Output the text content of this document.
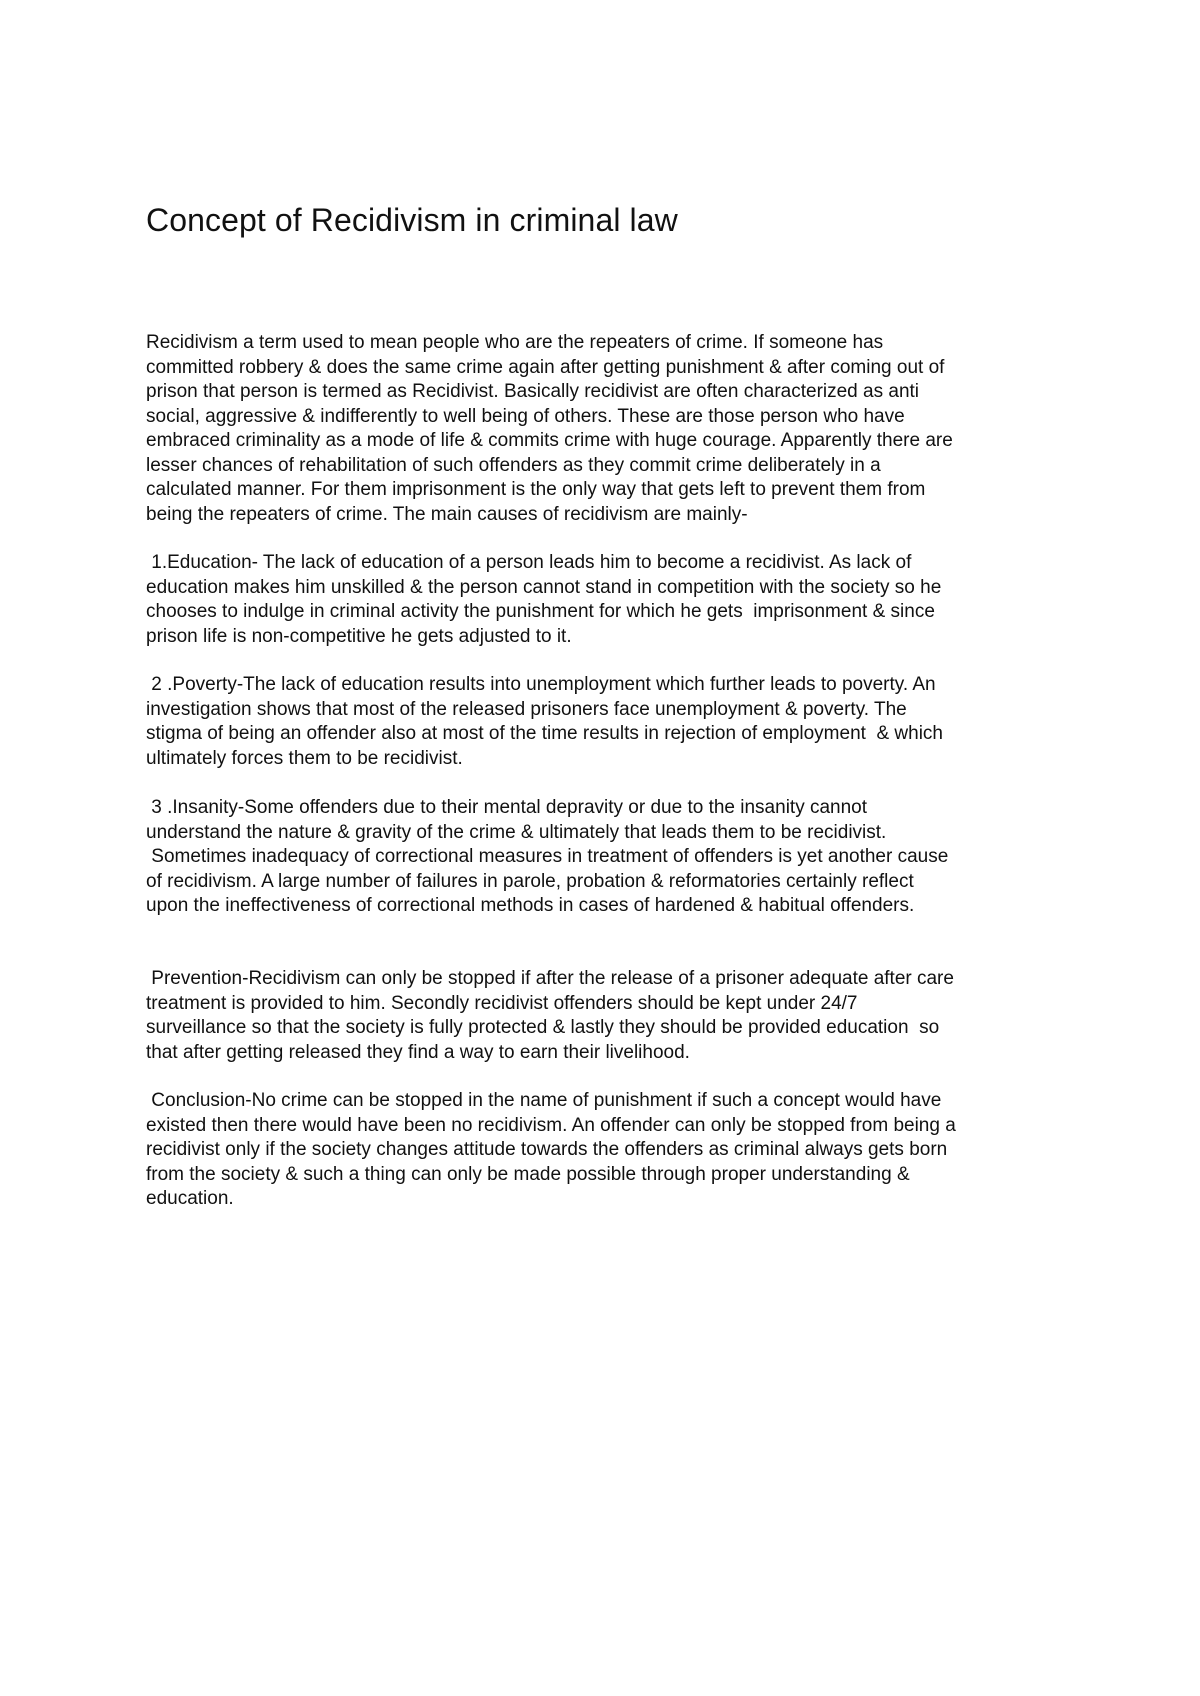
Concept of Recidivism in criminal law

Recidivism a term used to mean people who are the repeaters of crime. If someone has
committed robbery & does the same crime again after getting punishment & after coming out of
prison that person is termed as Recidivist. Basically recidivist are often characterized as anti
social, aggressive & indifferently to well being of others. These are those person who have
embraced criminality as a mode of life & commits crime with huge courage. Apparently there are
lesser chances of rehabilitation of such offenders as they commit crime deliberately in a
calculated manner. For them imprisonment is the only way that gets left to prevent them from
being the repeaters of crime. The main causes of recidivism are mainly-

1.Education- The lack of education of a person leads him to become a recidivist. As lack of
education makes him unskilled & the person cannot stand in competition with the society so he
chooses to indulge in criminal activity the punishment for which he gets  imprisonment & since
prison life is non-competitive he gets adjusted to it.

2 .Poverty-The lack of education results into unemployment which further leads to poverty. An
investigation shows that most of the released prisoners face unemployment & poverty. The
stigma of being an offender also at most of the time results in rejection of employment  & which
ultimately forces them to be recidivist.

3 .Insanity-Some offenders due to their mental depravity or due to the insanity cannot
understand the nature & gravity of the crime & ultimately that leads them to be recidivist.
Sometimes inadequacy of correctional measures in treatment of offenders is yet another cause
of recidivism. A large number of failures in parole, probation & reformatories certainly reflect
upon the ineffectiveness of correctional methods in cases of hardened & habitual offenders.

Prevention-Recidivism can only be stopped if after the release of a prisoner adequate after care
treatment is provided to him. Secondly recidivist offenders should be kept under 24/7
surveillance so that the society is fully protected & lastly they should be provided education  so
that after getting released they find a way to earn their livelihood.

Conclusion-No crime can be stopped in the name of punishment if such a concept would have
existed then there would have been no recidivism. An offender can only be stopped from being a
recidivist only if the society changes attitude towards the offenders as criminal always gets born
from the society & such a thing can only be made possible through proper understanding &
education.
